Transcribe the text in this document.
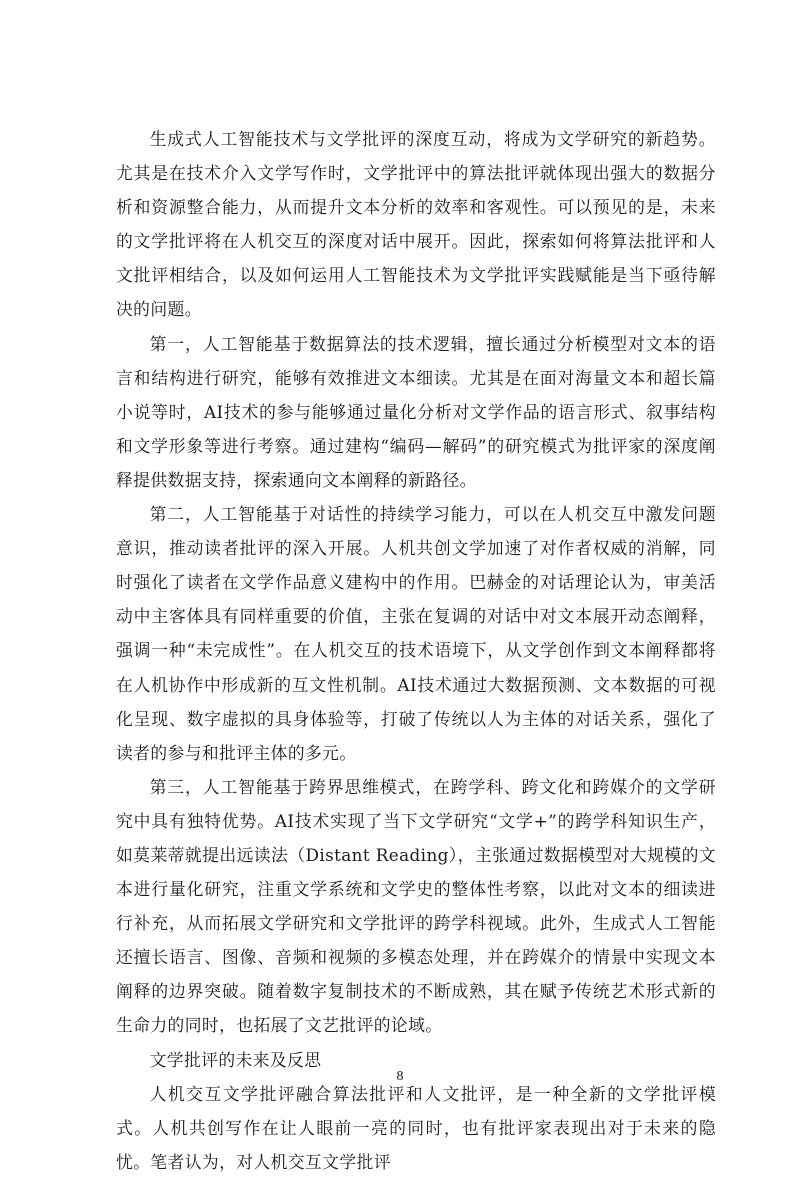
生成式人工智能技术与文学批评的深度互动，将成为文学研究的新趋势。尤其是在技术介入文学写作时，文学批评中的算法批评就体现出强大的数据分析和资源整合能力，从而提升文本分析的效率和客观性。可以预见的是，未来的文学批评将在人机交互的深度对话中展开。因此，探索如何将算法批评和人文批评相结合，以及如何运用人工智能技术为文学批评实践赋能是当下亟待解决的问题。

第一，人工智能基于数据算法的技术逻辑，擅长通过分析模型对文本的语言和结构进行研究，能够有效推进文本细读。尤其是在面对海量文本和超长篇小说等时，AI技术的参与能够通过量化分析对文学作品的语言形式、叙事结构和文学形象等进行考察。通过建构“编码—解码”的研究模式为批评家的深度阐释提供数据支持，探索通向文本阐释的新路径。

第二，人工智能基于对话性的持续学习能力，可以在人机交互中激发问题意识，推动读者批评的深入开展。人机共创文学加速了对作者权威的消解，同时强化了读者在文学作品意义建构中的作用。巴赫金的对话理论认为，审美活动中主客体具有同样重要的价值，主张在复调的对话中对文本展开动态阐释，强调一种“未完成性”。在人机交互的技术语境下，从文学创作到文本阐释都将在人机协作中形成新的互文性机制。AI技术通过大数据预测、文本数据的可视化呈现、数字虚拟的具身体验等，打破了传统以人为主体的对话关系，强化了读者的参与和批评主体的多元。

第三，人工智能基于跨界思维模式，在跨学科、跨文化和跨媒介的文学研究中具有独特优势。AI技术实现了当下文学研究“文学+”的跨学科知识生产，如莫莱蒂就提出远读法（Distant Reading），主张通过数据模型对大规模的文本进行量化研究，注重文学系统和文学史的整体性考察，以此对文本的细读进行补充，从而拓展文学研究和文学批评的跨学科视域。此外，生成式人工智能还擅长语言、图像、音频和视频的多模态处理，并在跨媒介的情景中实现文本阐释的边界突破。随着数字复制技术的不断成熟，其在赋予传统艺术形式新的生命力的同时，也拓展了文艺批评的论域。

文学批评的未来及反思

人机交互文学批评融合算法批评和人文批评，是一种全新的文学批评模式。人机共创写作在让人眼前一亮的同时，也有批评家表现出对于未来的隐忧。笔者认为，对人机交互文学批评

8
